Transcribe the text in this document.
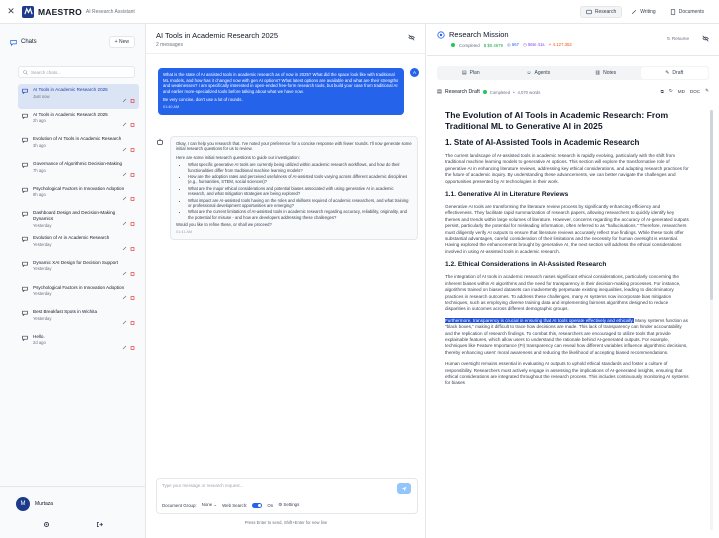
✕	MAESTRO AI Research Assistant	Research	Writing	Documents
Chats	+ New
Search chats...
AI Tools in Academic Research 2025
Just now
AI Tools in Academic Research 2025
2h ago
Evolution of AI Tools in Academic Research
3h ago
Governance of Algorithmic Decision-Making
7h ago
Psychological Factors in Innovation Adoption
8h ago
Dashboard Design and Decision-Making Dynamics
Yesterday
Evolution of AI in Academic Research
Yesterday
Dynamic XAI Design for Decision Support
Yesterday
Psychological Factors in Innovation Adoption
Yesterday
Best Breakfast Spots in Wichita
Yesterday
Hello.
2d ago
M	Murtaza
AI Tools in Academic Research 2025
2 messages
What is the state of AI assisted tools in academic research as of now in 2025? What did the space look like with traditional ML models, and how has it changed now with gen AI options? What latest options are available and what are their strengths and weaknesses? I am specifically interested in open-ended free-form research tools, but build your case from traditional AI and earlier more-specialized tools before talking about what we have now.
Be very concise, don't use a lot of rounds.
01:40 AM
A
Okay, I can help you research that. I've noted your preference for a concise response with fewer rounds. I'll now generate some initial research questions for us to review.
Here are some initial research questions to guide our investigation:
• What specific generative AI tools are currently being utilized within academic research workflows, and how do their functionalities differ from traditional machine learning models?
• How are the adoption rates and perceived usefulness of AI-assisted tools varying across different academic disciplines (e.g., humanities, STEM, social sciences)?
• What are the major ethical considerations and potential biases associated with using generative AI in academic research, and what mitigation strategies are being explored?
• What impact are AI-assisted tools having on the roles and skillsets required of academic researchers, and what training or professional development opportunities are emerging?
• What are the current limitations of AI-assisted tools in academic research regarding accuracy, reliability, originality, and the potential for misuse - and how are developers addressing these challenges?
Would you like to refine these, or shall we proceed?
01:41 AM
Type your message or research request...
Document Group: None ⌄ Web Search:	On ⚙ Settings
Press Enter to send, Shift+Enter for new line
Research Mission
Completed $ $0.4679 ◎ 667 ◷ 56m 41s ⚡ 4.127.352
↻ Resume
▤ Plan	☺ Agents	▥ Notes	✎ Draft
▤ Research Draft Completed • 4,070 words	⧉ ↻ MD DOC ✎
The Evolution of AI Tools in Academic Research: From Traditional ML to Generative AI in 2025
1. State of AI-Assisted Tools in Academic Research

The current landscape of AI-assisted tools in academic research is rapidly evolving, particularly with the shift from traditional machine learning models to generative AI options. This section will explore the transformative role of generative AI in enhancing literature reviews, addressing key ethical considerations, and adapting research practices for the future of academic inquiry. By understanding these advancements, we can better navigate the challenges and opportunities presented by AI technologies in their work.

1.1. Generative AI in Literature Reviews

Generative AI tools are transforming the literature review process by significantly enhancing efficiency and effectiveness. They facilitate rapid summarization of research papers, allowing researchers to quickly identify key themes and trends within large volumes of literature. However, concerns regarding the accuracy of AI-generated outputs persist, particularly the potential for misleading information, often referred to as "hallucinations." Therefore, researchers must diligently verify AI outputs to ensure that literature reviews accurately reflect true findings. While these tools offer substantial advantages, careful consideration of their limitations and the necessity for human oversight is essential. Having explored the enhancements brought by generative AI, the next section will address the ethical considerations involved in using AI-assisted tools in academic research.

1.2. Ethical Considerations in AI-Assisted Research

The integration of AI tools in academic research raises significant ethical considerations, particularly concerning the inherent biases within AI algorithms and the need for transparency in their decision-making processes. For instance, algorithms trained on biased datasets can inadvertently perpetuate existing inequalities, leading to discriminatory practices in research outcomes. To address these challenges, many AI systems now incorporate bias mitigation techniques, such as employing diverse training data and implementing fairness algorithms designed to reduce disparities in outcomes across different demographic groups.

Furthermore, transparency is crucial in ensuring that AI tools operate effectively and ethically. Many systems function as "black boxes," making it difficult to trace how decisions are made. This lack of transparency can hinder accountability and the replication of research findings. To combat this, researchers are encouraged to utilize tools that provide explainable features, which allow users to understand the rationale behind AI-generated outputs. For example, techniques like Feature Importance (FI) transparency can reveal how different variables influence algorithmic decisions, thereby enhancing users' moral awareness and reducing the likelihood of accepting biased recommendations.

Human oversight remains essential in evaluating AI outputs to uphold ethical standards and foster a culture of responsibility. Researchers must actively engage in assessing the implications of AI-generated insights, ensuring that ethical considerations are integrated throughout the research process. This includes continuously monitoring AI systems for biases
